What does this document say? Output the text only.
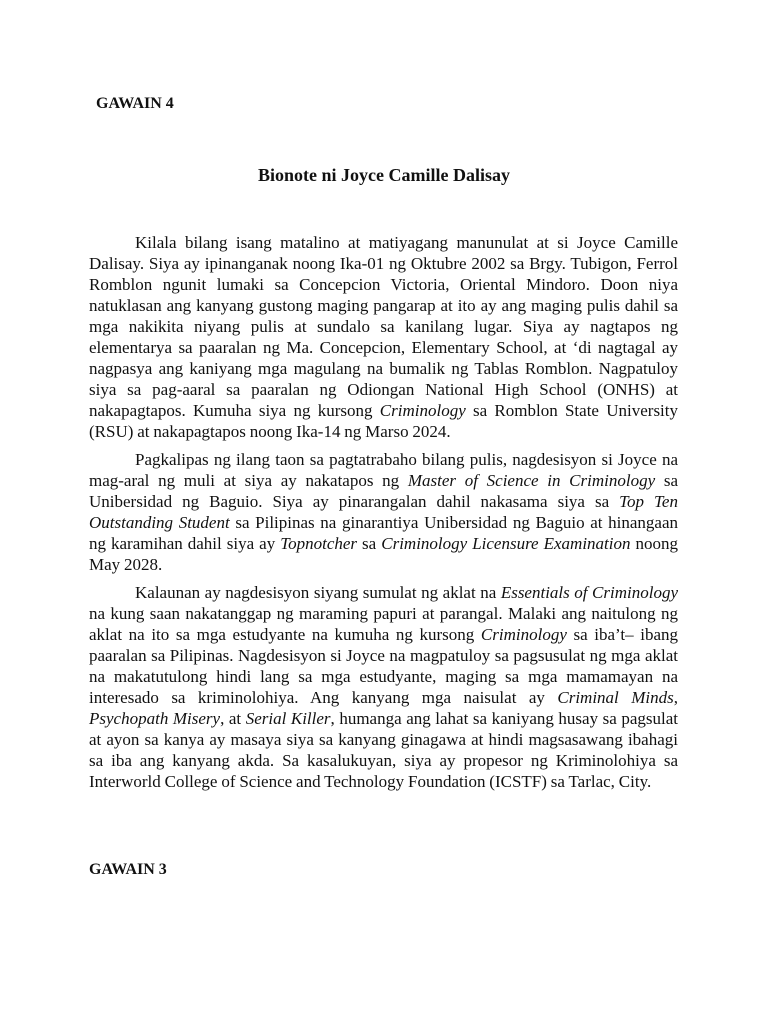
GAWAIN 4
Bionote ni Joyce Camille Dalisay

Kilala bilang isang matalino at matiyagang manunulat at si Joyce Camille Dalisay. Siya ay ipinanganak noong Ika-01 ng Oktubre 2002 sa Brgy. Tubigon, Ferrol Romblon ngunit lumaki sa Concepcion Victoria, Oriental Mindoro. Doon niya natuklasan ang kanyang gustong maging pangarap at ito ay ang maging pulis dahil sa mga nakikita niyang pulis at sundalo sa kanilang lugar. Siya ay nagtapos ng elementarya sa paaralan ng Ma. Concepcion, Elementary School, at ‘di nagtagal ay nagpasya ang kaniyang mga magulang na bumalik ng Tablas Romblon. Nagpatuloy siya sa pag-aaral sa paaralan ng Odiongan National High School (ONHS) at nakapagtapos. Kumuha siya ng kursong Criminology sa Romblon State University (RSU) at nakapagtapos noong Ika-14 ng Marso 2024.

Pagkalipas ng ilang taon sa pagtatrabaho bilang pulis, nagdesisyon si Joyce na mag-aral ng muli at siya ay nakatapos ng Master of Science in Criminology sa Unibersidad ng Baguio. Siya ay pinarangalan dahil nakasama siya sa Top Ten Outstanding Student sa Pilipinas na ginarantiya Unibersidad ng Baguio at hinangaan ng karamihan dahil siya ay Topnotcher sa Criminology Licensure Examination noong May 2028.

Kalaunan ay nagdesisyon siyang sumulat ng aklat na Essentials of Criminology na kung saan nakatanggap ng maraming papuri at parangal. Malaki ang naitulong ng aklat na ito sa mga estudyante na kumuha ng kursong Criminology sa iba’t– ibang paaralan sa Pilipinas. Nagdesisyon si Joyce na magpatuloy sa pagsusulat ng mga aklat na makatutulong hindi lang sa mga estudyante, maging sa mga mamamayan na interesado sa kriminolohiya. Ang kanyang mga naisulat ay Criminal Minds, Psychopath Misery, at Serial Killer, humanga ang lahat sa kaniyang husay sa pagsulat at ayon sa kanya ay masaya siya sa kanyang ginagawa at hindi magsasawang ibahagi sa iba ang kanyang akda. Sa kasalukuyan, siya ay propesor ng Kriminolohiya sa Interworld College of Science and Technology Foundation (ICSTF) sa Tarlac, City.

GAWAIN 3
